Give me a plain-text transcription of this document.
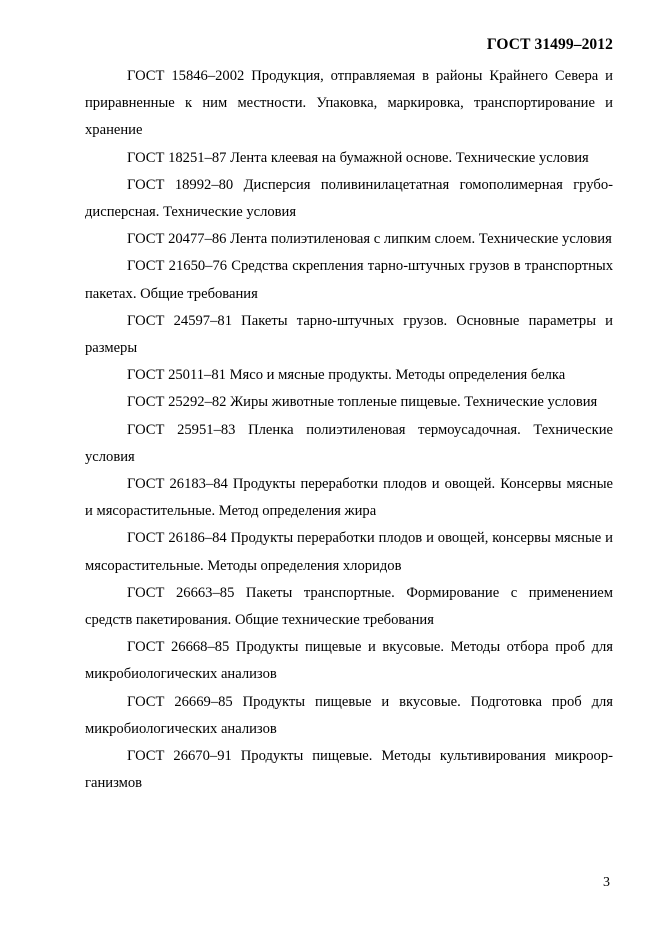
ГОСТ 31499–2012

ГОСТ 15846–2002 Продукция, отправляемая в районы Крайнего Севера и приравненные к ним местности. Упаковка, маркировка, транспортирование и хранение

ГОСТ 18251–87 Лента клеевая на бумажной основе. Технические условия

ГОСТ 18992–80 Дисперсия поливинилацетатная гомополимерная грубодисперсная. Технические условия

ГОСТ 20477–86 Лента полиэтиленовая с липким слоем. Технические условия

ГОСТ 21650–76 Средства скрепления тарно-штучных грузов в транспортных пакетах. Общие требования

ГОСТ 24597–81 Пакеты тарно-штучных грузов. Основные параметры и размеры

ГОСТ 25011–81 Мясо и мясные продукты. Методы определения белка

ГОСТ 25292–82 Жиры животные топленые пищевые. Технические условия

ГОСТ 25951–83 Пленка полиэтиленовая термоусадочная. Технические условия

ГОСТ 26183–84 Продукты переработки плодов и овощей. Консервы мясные и мясорастительные. Метод определения жира

ГОСТ 26186–84 Продукты переработки плодов и овощей, консервы мясные и мясорастительные. Методы определения хлоридов

ГОСТ 26663–85 Пакеты транспортные. Формирование с применением средств пакетирования. Общие технические требования

ГОСТ 26668–85 Продукты пищевые и вкусовые. Методы отбора проб для микробиологических анализов

ГОСТ 26669–85 Продукты пищевые и вкусовые. Подготовка проб для микробиологических анализов

ГОСТ 26670–91 Продукты пищевые. Методы культивирования микроорганизмов

3
